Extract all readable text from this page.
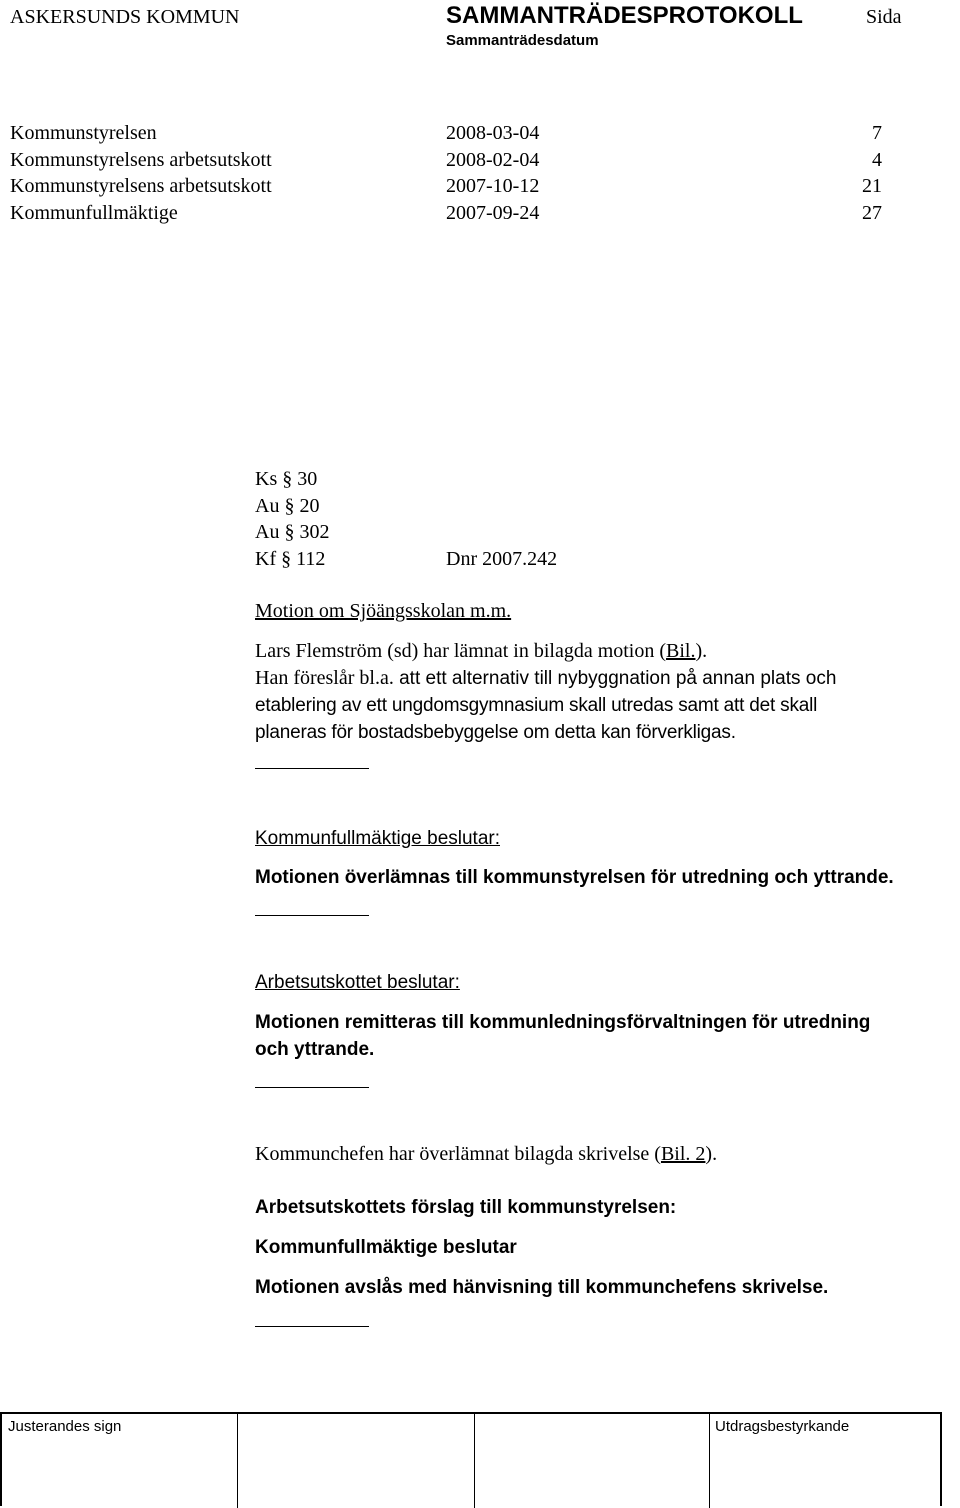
ASKERSUNDS KOMMUN	SAMMANTRÄDESPROTOKOLL	Sida
Sammanträdesdatum
Kommunstyrelsen	2008-03-04	7
Kommunstyrelsens arbetsutskott	2008-02-04	4
Kommunstyrelsens arbetsutskott	2007-10-12	21
Kommunfullmäktige	2007-09-24	27
Ks § 30
Au § 20
Au § 302
Kf § 112	Dnr 2007.242
Motion om Sjöängsskolan m.m.
Lars Flemström (sd) har lämnat in bilagda motion (Bil.).
Han föreslår bl.a. att ett alternativ till nybyggnation på annan plats och
etablering av ett ungdomsgymnasium skall utredas samt att det skall
planeras för bostadsbebyggelse om detta kan förverkligas.
Kommunfullmäktige beslutar:
Motionen överlämnas till kommunstyrelsen för utredning och yttrande.
Arbetsutskottet beslutar:
Motionen remitteras till kommunledningsförvaltningen för utredning
och yttrande.
Kommunchefen har överlämnat bilagda skrivelse (Bil. 2).
Arbetsutskottets förslag till kommunstyrelsen:
Kommunfullmäktige beslutar
Motionen avslås med hänvisning till kommunchefens skrivelse.
Justerandes sign	Utdragsbestyrkande
